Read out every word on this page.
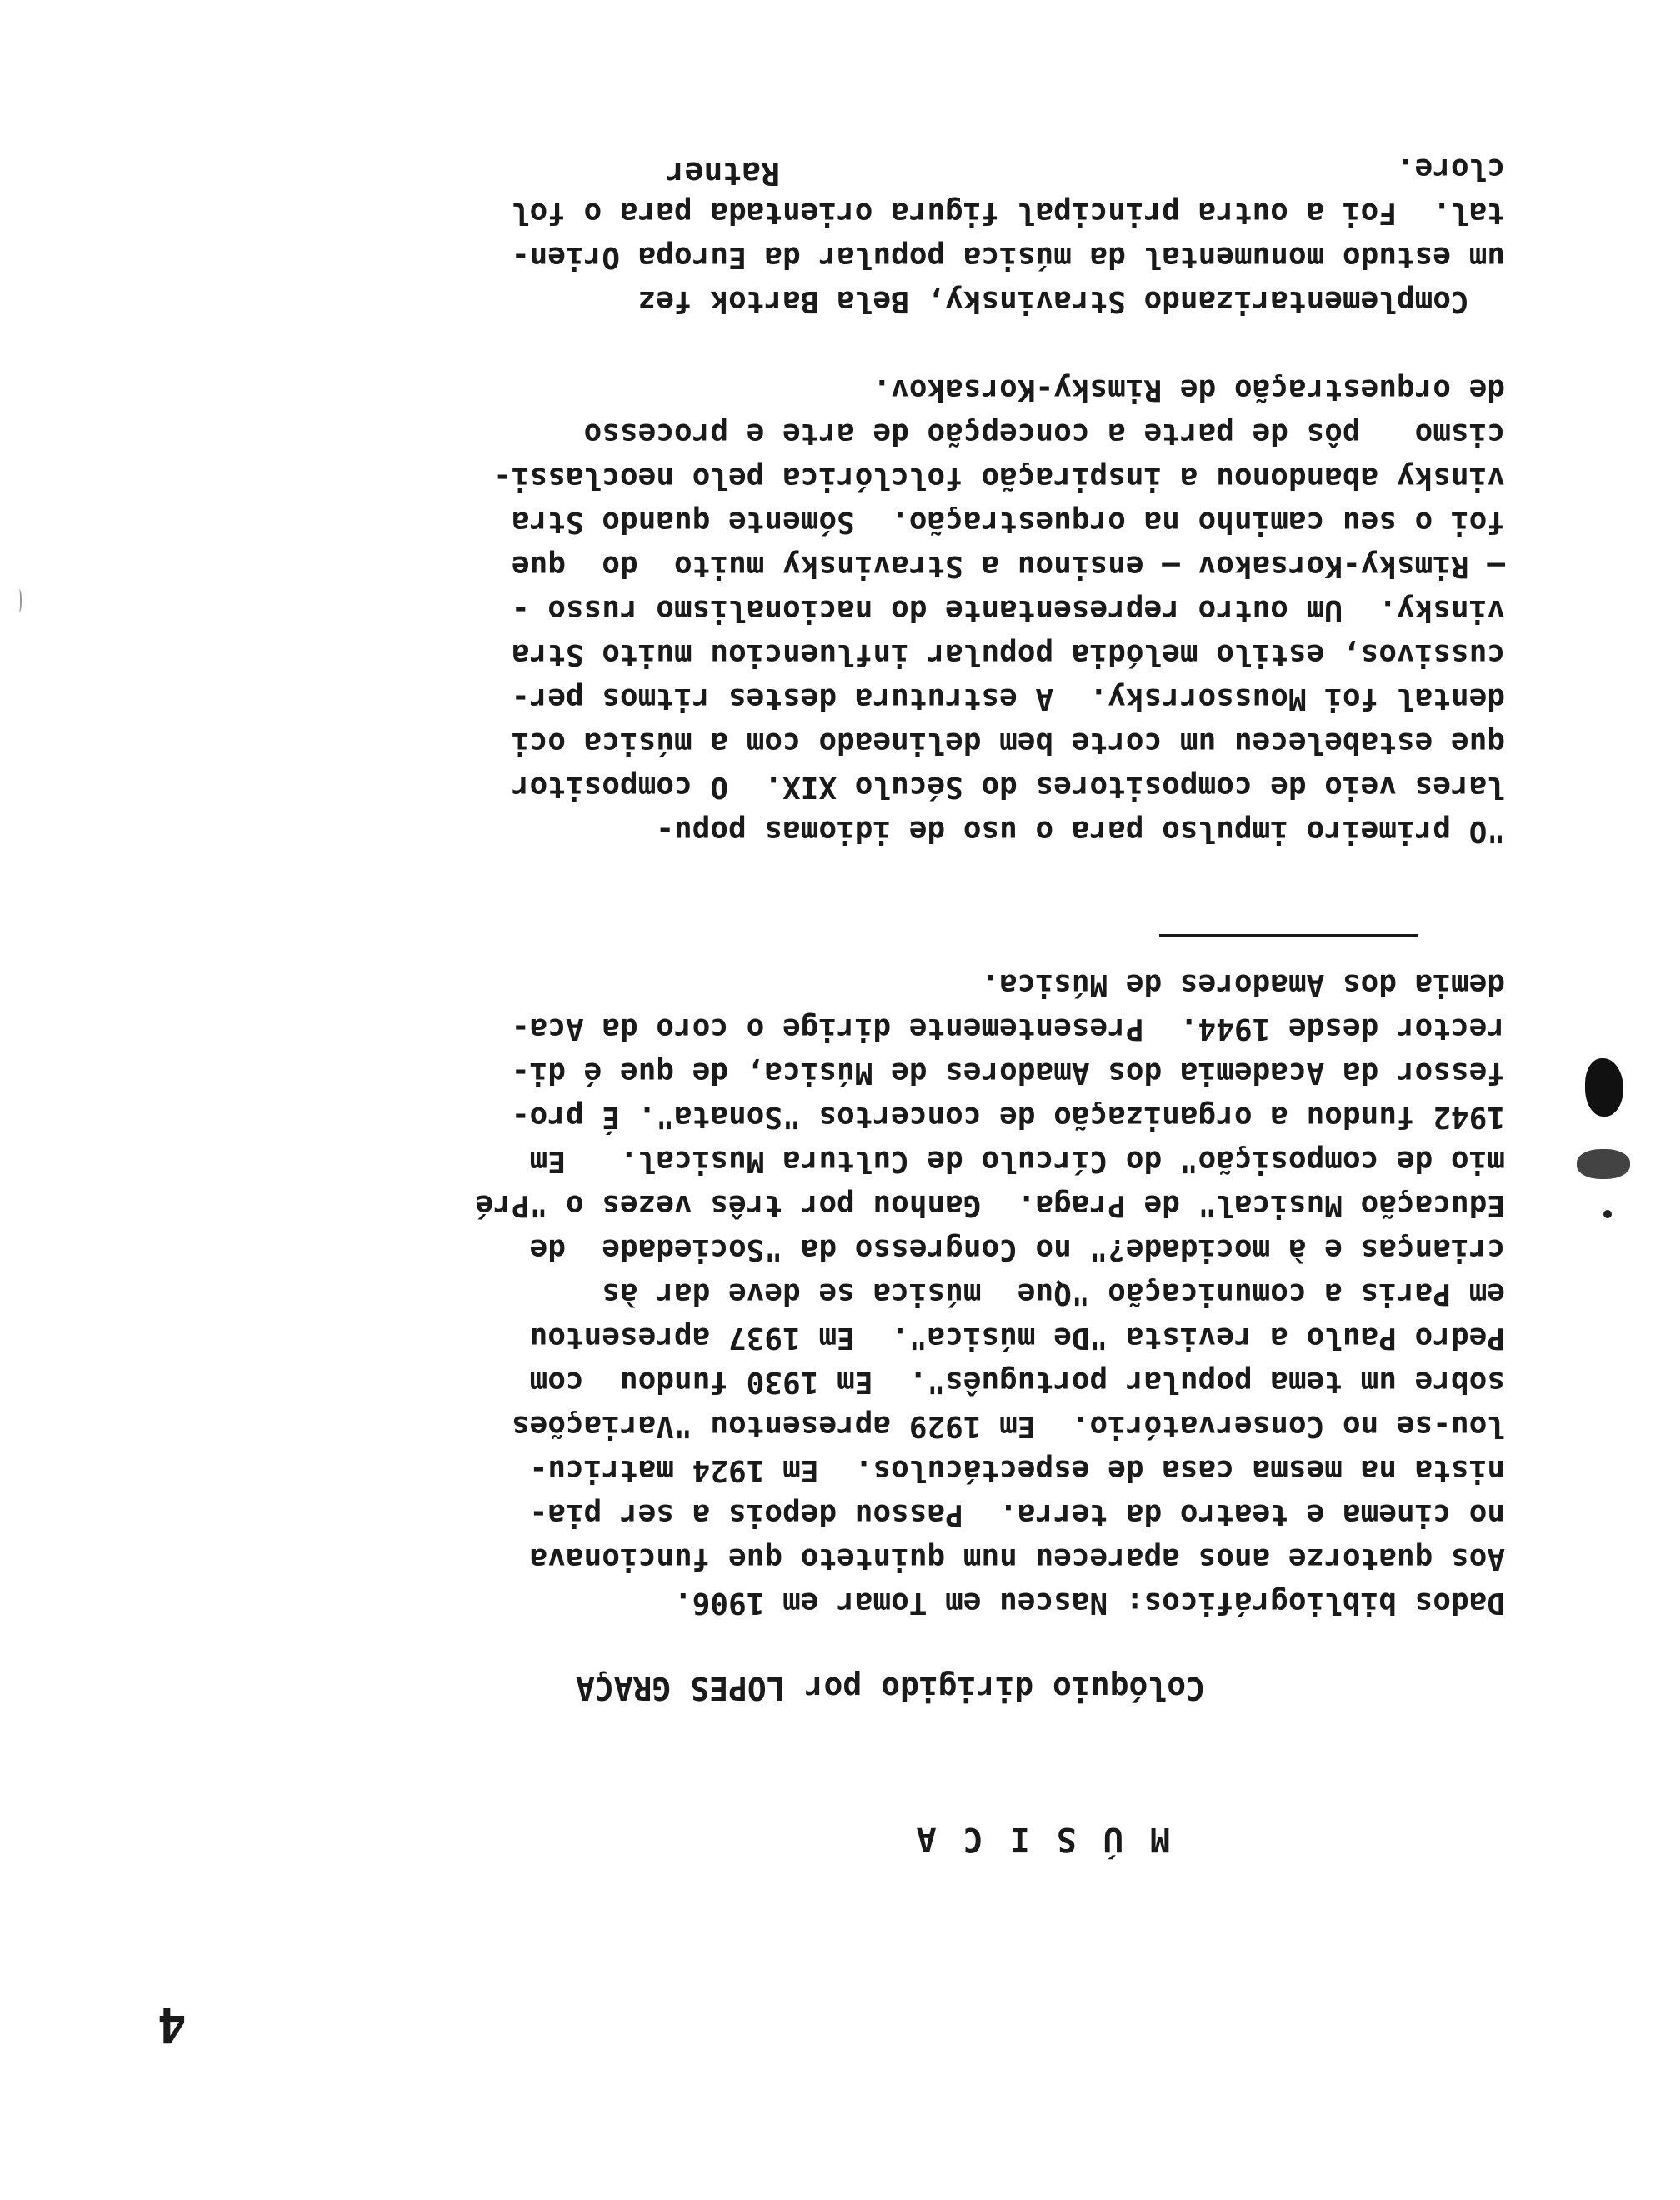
4
MÚSICA
Colóquio dirigido por LOPES GRAÇA
Dados bibliográficos: Nasceu em Tomar em 1906.
Aos quatorze anos apareceu num quinteto que funcionava
no cinema e teatro da terra.  Passou depois a ser pia-
nista na mesma casa de espectáculos.  Em 1924 matricu-
lou-se no Conservatório.  Em 1929 apresentou "Variações
sobre um tema popular português".  Em 1930 fundou  com
Pedro Paulo a revista "De música".  Em 1937 apresentou
em Paris a comunicação "Que  música se deve dar às
crianças e à mocidade?" no Congresso da "Sociedade  de
Educação Musical" de Praga.  Ganhou por três vezes o "Pré
mio de composição" do Círculo de Cultura Musical.   Em
1942 fundou a organização de concertos "Sonata". É pro-
fessor da Academia dos Amadores de Música, de que é di-
rector desde 1944.  Presentemente dirige o coro da Aca-
demia dos Amadores de Música.
"O primeiro impulso para o uso de idiomas popu-
lares veio de compositores do Século XIX.  O compositor
que estabeleceu um corte bem delineado com a música oci
dental foi Moussorrsky.  A estrutura destes ritmos per-
cussivos, estilo melódia popular influenciou muito Stra
vinsky.  Um outro representante do nacionalismo russo -
— Rimsky-Korsakov — ensinou a Stravinsky muito  do  que
foi o seu caminho na orquestração.  Sómente quando Stra
vinsky abandonou a inspiração folclórica pelo neoclassi-
cismo   pôs de parte a concepção de arte e processo
de orquestração de Rimsky-Korsakov.
Complementarizando Stravinsky, Bela Bartok fez
um estudo monumental da música popular da Europa Orien-
tal.  Foi a outra principal figura orientada para o fol
clore.
Ratner
